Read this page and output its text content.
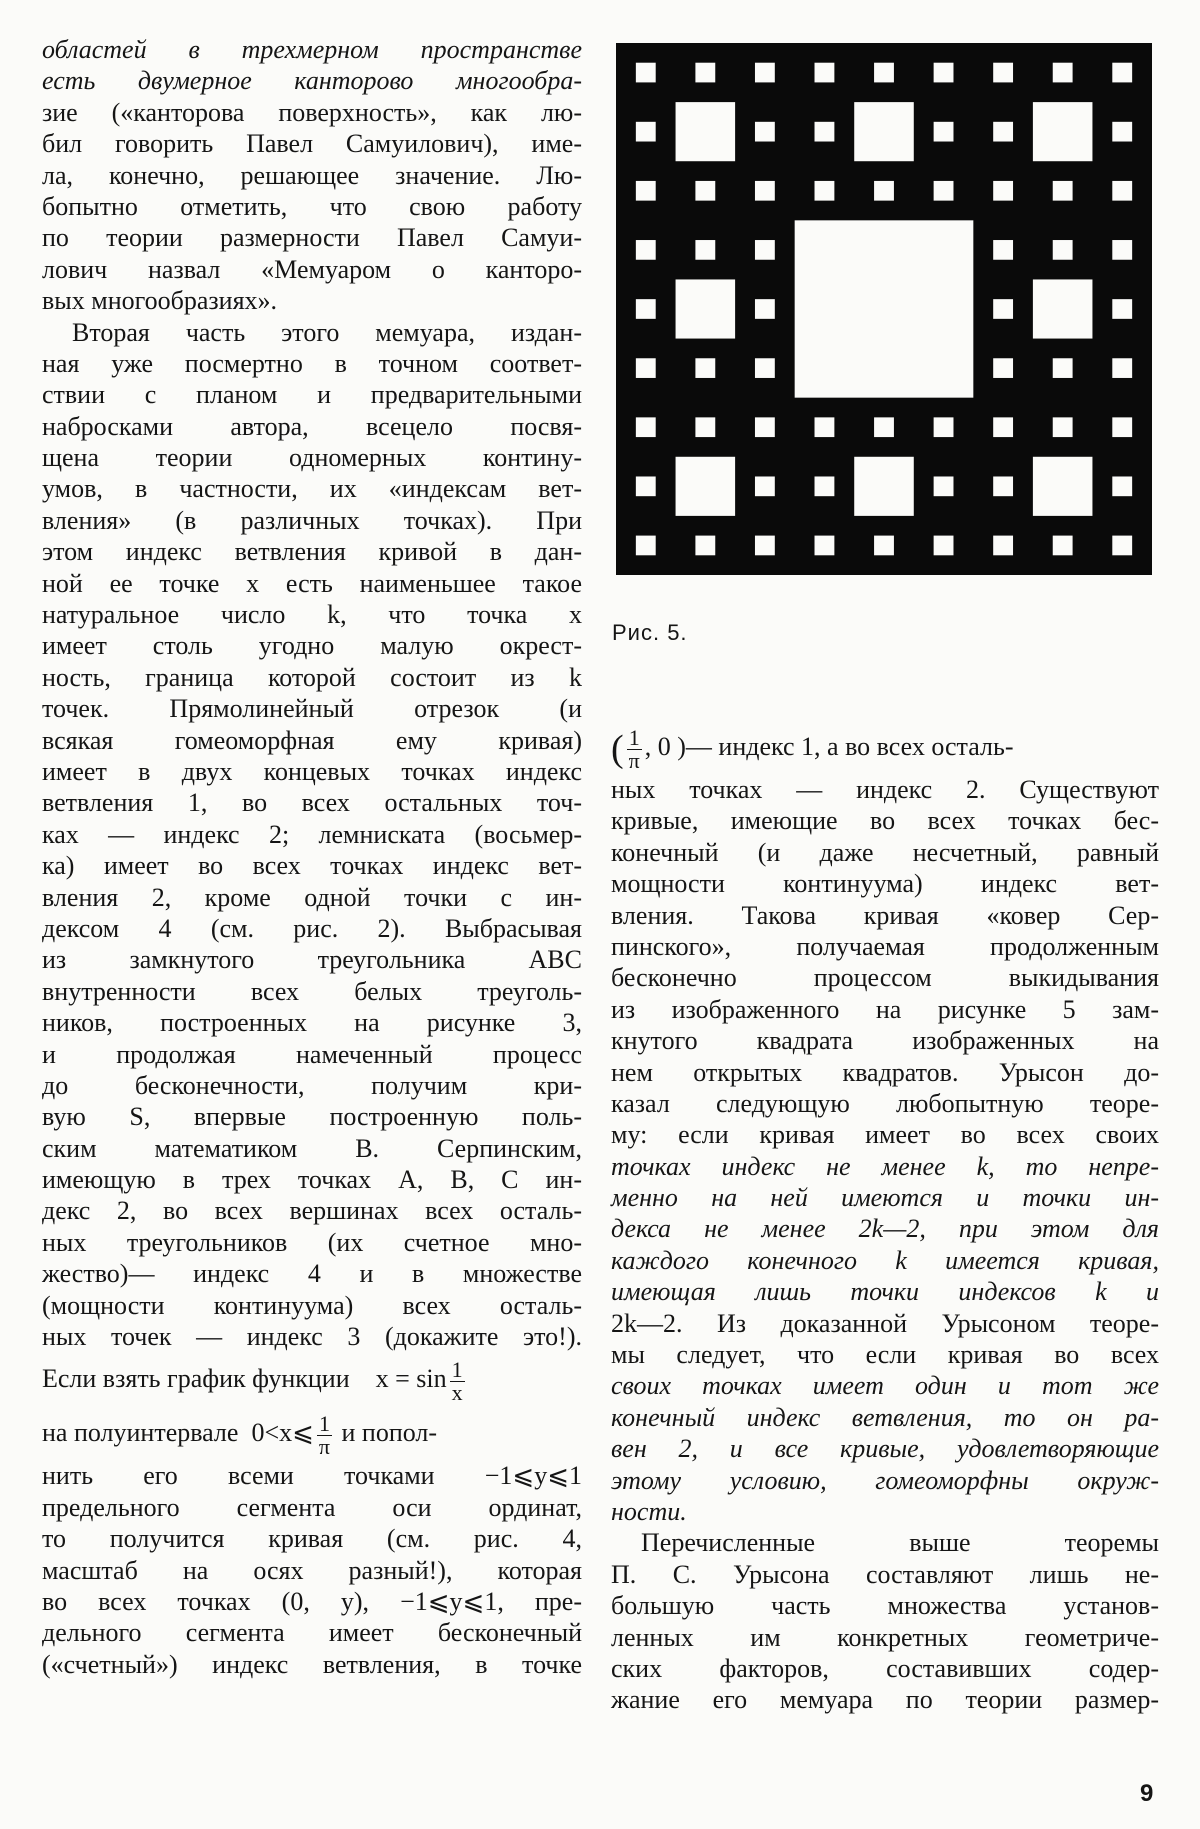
областей в трехмерном пространстве
есть двумерное канторово многообра-
зие («канторова поверхность», как лю-
бил говорить Павел Самуилович), име-
ла, конечно, решающее значение. Лю-
бопытно отметить, что свою работу
по теории размерности Павел Самуи-
лович назвал «Мемуаром о канторо-
вых многообразиях».
Вторая часть этого мемуара, издан-
ная уже посмертно в точном соответ-
ствии с планом и предварительными
набросками автора, всецело посвя-
щена теории одномерных контину-
умов, в частности, их «индексам вет-
вления» (в различных точках). При
этом индекс ветвления кривой в дан-
ной ее точке x есть наименьшее такое
натуральное число k, что точка x
имеет столь угодно малую окрест-
ность, граница которой состоит из k
точек. Прямолинейный отрезок (и
всякая гомеоморфная ему кривая)
имеет в двух концевых точках индекс
ветвления 1, во всех остальных точ-
ках — индекс 2; лемниската (восьмер-
ка) имеет во всех точках индекс вет-
вления 2, кроме одной точки с ин-
дексом 4 (см. рис. 2). Выбрасывая
из замкнутого треугольника ABC
внутренности всех белых треуголь-
ников, построенных на рисунке 3,
и продолжая намеченный процесс
до бесконечности, получим кри-
вую S, впервые построенную поль-
ским математиком В. Серпинским,
имеющую в трех точках A, B, C ин-
декс 2, во всех вершинах всех осталь-
ных треугольников (их счетное мно-
жество)— индекс 4 и в множестве
(мощности континуума) всех осталь-
ных точек — индекс 3 (докажите это!).
Если взять график функции $x = \sin \frac{1}{x}$
на полуинтервале 0<x⩽ $\frac{1}{\pi}$ и попол-
нить его всеми точками −1⩽y⩽1
предельного сегмента оси ординат,
то получится кривая (см. рис. 4,
масштаб на осях разный!), которая
во всех точках (0, y), −1⩽y⩽1, пре-
дельного сегмента имеет бесконечный
(«счетный») индекс ветвления, в точке
Рис. 5.
( $\frac{1}{\pi}$ , 0 )— индекс 1, а во всех осталь-
ных точках — индекс 2. Существуют
кривые, имеющие во всех точках бес-
конечный (и даже несчетный, равный
мощности континуума) индекс вет-
вления. Такова кривая «ковер Сер-
пинского», получаемая продолженным
бесконечно процессом выкидывания
из изображенного на рисунке 5 зам-
кнутого квадрата изображенных на
нем открытых квадратов. Урысон до-
казал следующую любопытную теоре-
му: если кривая имеет во всех своих
точках индекс не менее k, то непре-
менно на ней имеются и точки ин-
декса не менее 2k—2, при этом для
каждого конечного k имеется кривая,
имеющая лишь точки индексов k и
2k—2. Из доказанной Урысоном теоре-
мы следует, что если кривая во всех
своих точках имеет один и тот же
конечный индекс ветвления, то он ра-
вен 2, и все кривые, удовлетворяющие
этому условию, гомеоморфны окруж-
ности.
Перечисленные выше теоремы
П. С. Урысона составляют лишь не-
большую часть множества установ-
ленных им конкретных геометриче-
ских факторов, составивших содер-
жание его мемуара по теории размер-
9
